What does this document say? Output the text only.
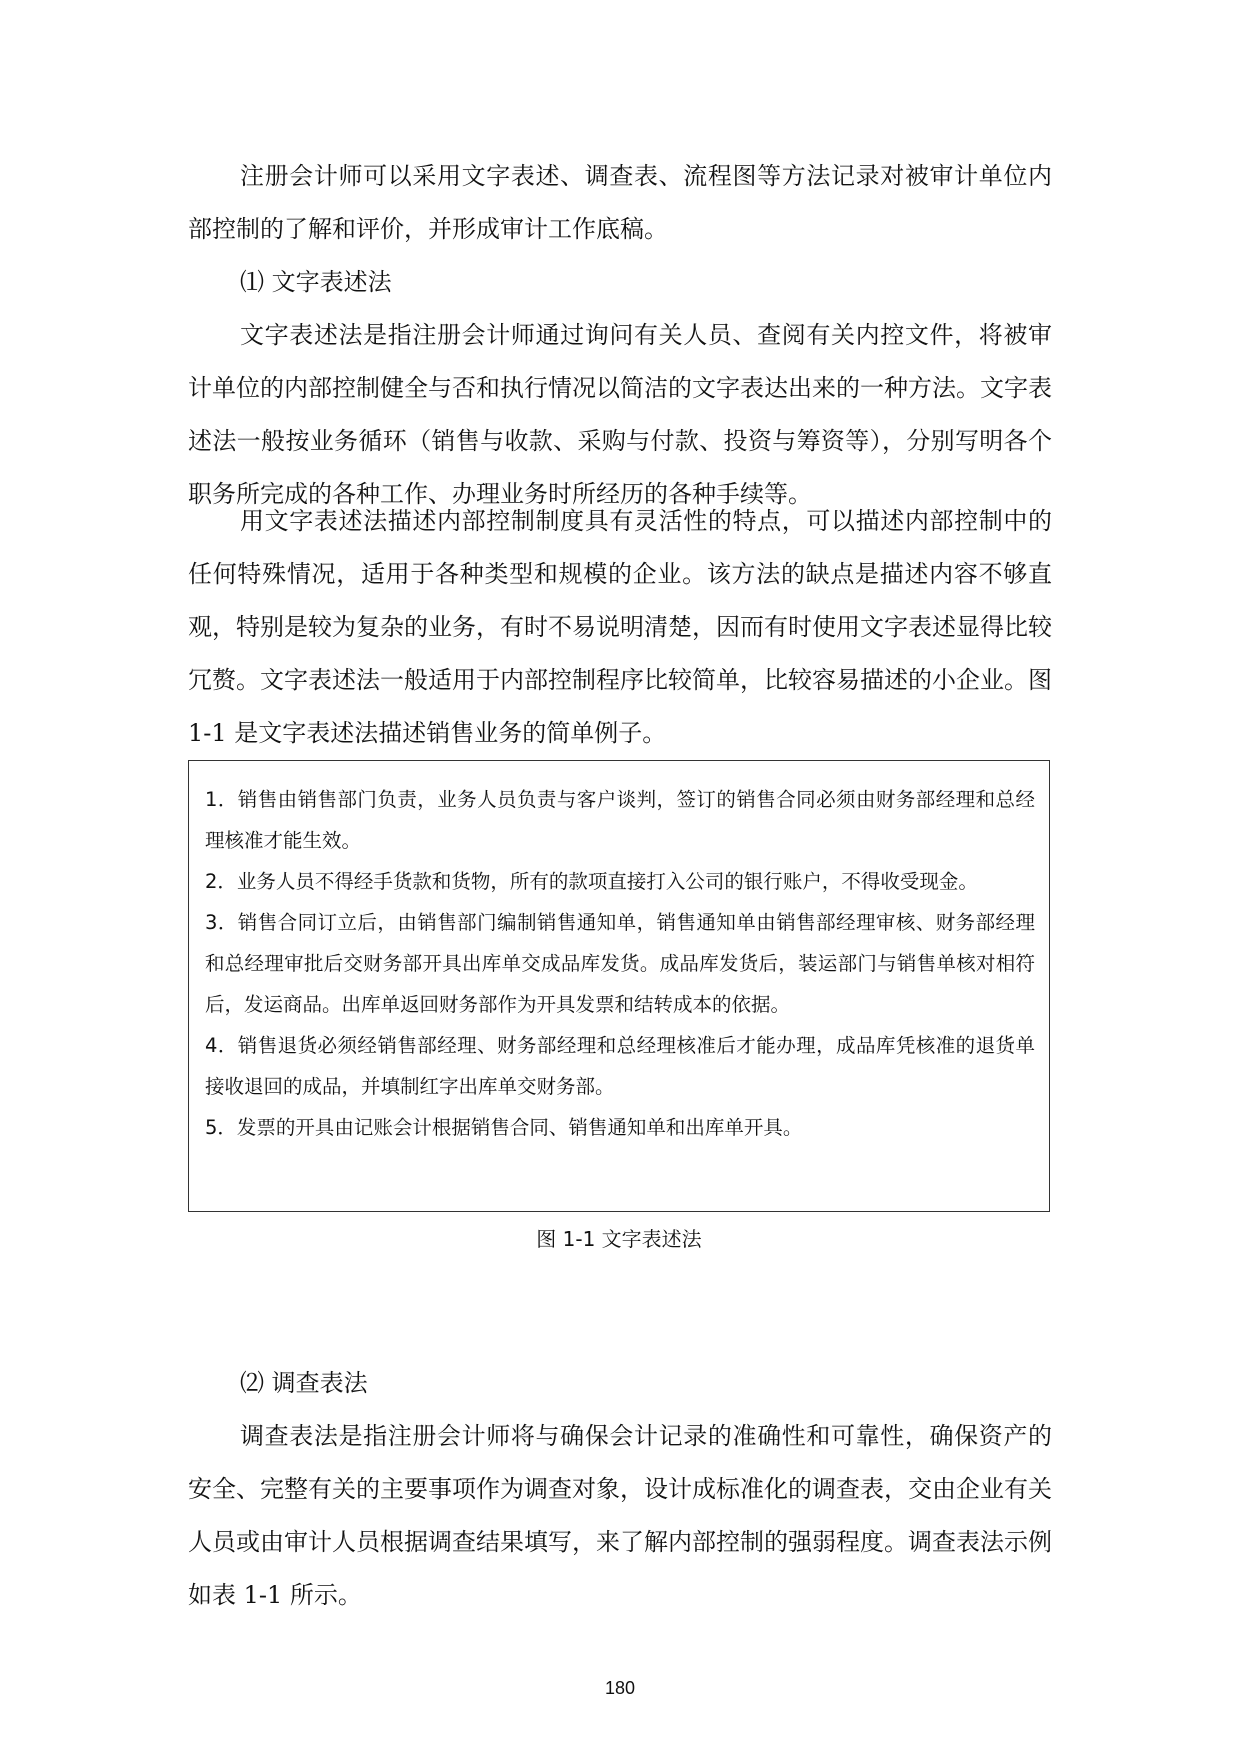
注册会计师可以采用文字表述、调查表、流程图等方法记录对被审计单位内部控制的了解和评价，并形成审计工作底稿。

⑴ 文字表述法

文字表述法是指注册会计师通过询问有关人员、查阅有关内控文件，将被审计单位的内部控制健全与否和执行情况以简洁的文字表达出来的一种方法。文字表述法一般按业务循环（销售与收款、采购与付款、投资与筹资等），分别写明各个职务所完成的各种工作、办理业务时所经历的各种手续等。

用文字表述法描述内部控制制度具有灵活性的特点，可以描述内部控制中的任何特殊情况，适用于各种类型和规模的企业。该方法的缺点是描述内容不够直观，特别是较为复杂的业务，有时不易说明清楚，因而有时使用文字表述显得比较冗赘。文字表述法一般适用于内部控制程序比较简单，比较容易描述的小企业。图 1-1 是文字表述法描述销售业务的简单例子。

1．销售由销售部门负责，业务人员负责与客户谈判，签订的销售合同必须由财务部经理和总经理核准才能生效。

2．业务人员不得经手货款和货物，所有的款项直接打入公司的银行账户，不得收受现金。

3．销售合同订立后，由销售部门编制销售通知单，销售通知单由销售部经理审核、财务部经理和总经理审批后交财务部开具出库单交成品库发货。成品库发货后，装运部门与销售单核对相符后，发运商品。出库单返回财务部作为开具发票和结转成本的依据。

4．销售退货必须经销售部经理、财务部经理和总经理核准后才能办理，成品库凭核准的退货单接收退回的成品，并填制红字出库单交财务部。

5．发票的开具由记账会计根据销售合同、销售通知单和出库单开具。

图 1-1 文字表述法

⑵ 调查表法

调查表法是指注册会计师将与确保会计记录的准确性和可靠性，确保资产的安全、完整有关的主要事项作为调查对象，设计成标准化的调查表，交由企业有关人员或由审计人员根据调查结果填写，来了解内部控制的强弱程度。调查表法示例如表 1-1 所示。

180
